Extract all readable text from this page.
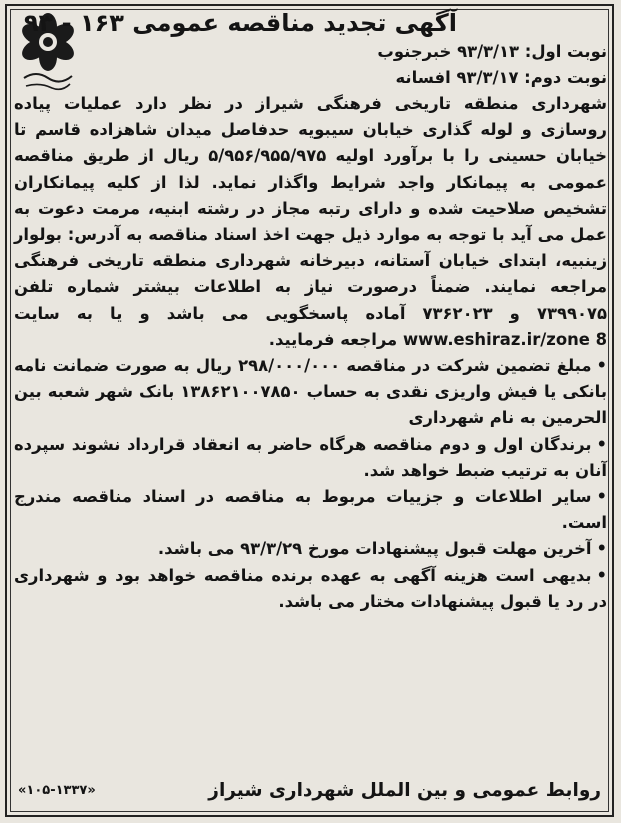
آگهی تجدید مناقصه عمومی ۱۶۳ - ۹۳
نوبت اول: ۹۳/۳/۱۳ خبرجنوب
نوبت دوم: ۹۳/۳/۱۷ افسانه
شهرداری منطقه تاریخی فرهنگی شیراز در نظر دارد عملیات پیاده روسازی و لوله گذاری خیابان سیبویه حدفاصل میدان شاهزاده قاسم تا خیابان حسینی را با برآورد اولیه ۵/۹۵۶/۹۵۵/۹۷۵ ریال از طریق مناقصه عمومی به پیمانکار واجد شرایط واگذار نماید. لذا از کلیه پیمانکاران تشخیص صلاحیت شده و دارای رتبه مجاز در رشته ابنیه، مرمت دعوت به عمل می آید با توجه به موارد ذیل جهت اخذ اسناد مناقصه به آدرس: بولوار زینبیه، ابتدای خیابان آستانه، دبیرخانه شهرداری منطقه تاریخی فرهنگی مراجعه نمایند. ضمناً درصورت نیاز به اطلاعات بیشتر شماره تلفن ۷۳۹۹۰۷۵ و ۷۳۶۲۰۲۳ آماده پاسخگویی می باشد و یا به سایت www.eshiraz.ir/zone 8 مراجعه فرمایید.
•مبلغ تضمین شرکت در مناقصه ۲۹۸/۰۰۰/۰۰۰ ریال به صورت ضمانت نامه بانکی یا فیش واریزی نقدی به حساب ۱۳۸۶۲۱۰۰۷۸۵۰ بانک شهر شعبه بین الحرمین به نام شهرداری
•برندگان اول و دوم مناقصه هرگاه حاضر به انعقاد قرارداد نشوند سپرده آنان به ترتیب ضبط خواهد شد.
•سایر اطلاعات و جزییات مربوط به مناقصه در اسناد مناقصه مندرج است.
•آخرین مهلت قبول پیشنهادات مورخ ۹۳/۳/۲۹ می باشد.
•بدیهی است هزینه آگهی به عهده برنده مناقصه خواهد بود و شهرداری در رد یا قبول پیشنهادات مختار می باشد.
روابط عمومی و بین الملل شهرداری شیراز
«۱۰۵-۱۳۳۷»
